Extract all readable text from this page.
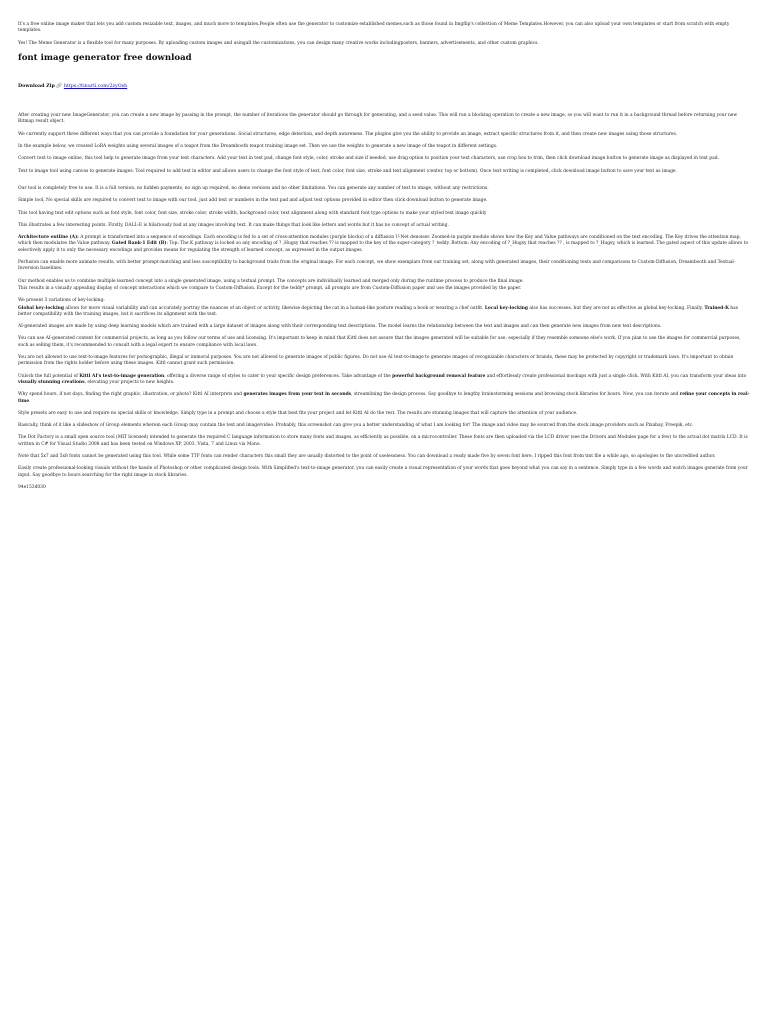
It's a free online image maker that lets you add custom resizable text, images, and much more to templates.People often use the generator to customize established memes,such as those found in Imgflip's collection of Meme Templates.However, you can also upload your own templates or start from scratch with empty templates.

Yes! The Meme Generator is a flexible tool for many purposes. By uploading custom images and usingall the customizations, you can design many creative works includingposters, banners, advertisements, and other custom graphics.

font image generator free download
Download Zip 🔗 https://tinurli.com/2zyOsh

After creating your new ImageGenerator, you can create a new image by passing in the prompt, the number of iterations the generator should go through for generating, and a seed value. This will run a blocking operation to create a new image, so you will want to run it in a background thread before returning your new Bitmap result object.

We currently support three different ways that you can provide a foundation for your generations. Social structures, edge detection, and depth awareness. The plugins give you the ability to provide an image, extract specific structures from it, and then create new images using those structures.

In the example below, we created LoRA weights using several images of a teapot from the Dreambooth teapot training image set. Then we use the weights to generate a new image of the teapot in different settings.

Convert text to image online, this tool help to generate image from your text characters. Add your text in text pad, change font style, color, stroke and size if needed, use drag option to position your text characters, use crop box to trim, then click download image button to generate image as displayed in text pad.

Text to image tool using canvas to generate images. Tool required to add text in editor and allows users to change the font style of text, font color, font size, stroke and text alignment (center, top or bottom). Once text writing is completed, click download image button to save your text as image.

Our tool is completely free to use. It is a full version, no hidden payments, no sign up required, no demo versions and no other limitations. You can generate any number of text to image, without any restrictions.

Simple tool, No special skills are required to convert text to image with our tool, just add text or numbers in the text pad and adjust text options provided in editor then click download button to generate image.

This tool having text edit options such as font style, font color, font size, stroke color, stroke width, background color, text alignment along with standard font type options to make your styled text image quickly

This illustrates a few interesting points. Firstly, DALL-E is hilariously bad at any images involving text. It can make things that look like letters and words but it has no concept of actual writing.

Architecture outline (A): A prompt is transformed into a sequence of encodings. Each encoding is fed to a set of cross-attention modules (purple blocks) of a diffusion U-Net denoiser. Zoomed-in purple module shows how the Key and Value pathways are conditioned on the text encoding. The Key drives the attention map, which then modulates the Value pathway. Gated Rank-1 Edit (B): Top: The K pathway is locked so any encoding of ? ,Hugsy that reaches ?? is mapped to the key of the super-category ?_teddy. Bottom: Any encoding of ?_Hugsy that reaches ?? , is mapped to ?_Hugsy, which is learned. The gated aspect of this update allows to selectively apply it to only the necessary encodings and provides means for regulating the strength of learned concept, as expressed in the output images.

Perfusion can enable more animate results, with better prompt-matching and less susceptibility to background traits from the original image. For each concept, we show exemplars from our training set, along with generated images, their conditioning texts and comparisons to Custom-Diffusion, Dreambooth and Textual-Inversion baselines.

Our method enables us to combine multiple learned concept into a single generated image, using a textual prompt. The concepts are individually learned and merged only during the runtime process to produce the final image.

This results in a visually appealing display of concept interactions which we compare to Custom-Diffusion. Except for the teddy* prompt, all prompts are from Custom-Diffusion paper and use the images provided by the paper.

We present 3 variations of key-locking:

Global key-locking allows for more visual variability and can accurately portray the nuances of an object or activity, likewise depicting the cat in a human-like posture reading a book or wearing a chef outfit. Local key-locking also has successes, but they are not as effective as global key-locking. Finally, Trained-K has better compatibility with the training images, but it sacrifices its alignment with the text.

AI-generated images are made by using deep learning models which are trained with a large dataset of images along with their corresponding text descriptions. The model learns the relationship between the text and images and can then generate new images from new text descriptions.

You can use AI-generated content for commercial projects, as long as you follow our terms of use and licensing. It's important to keep in mind that Kittl does not assure that the images generated will be suitable for use, especially if they resemble someone else's work. If you plan to use the images for commercial purposes, such as selling them, it's recommended to consult with a legal expert to ensure compliance with local laws.

You are not allowed to use text-to-image features for pornographic, illegal or immoral purposes. You are not allowed to generate images of public figures. Do not use AI text-to-image to generate images of recognizable characters or brands, these may be protected by copyright or trademark laws. It's important to obtain permission from the rights holder before using these images. Kittl cannot grant such permission.

Unlock the full potential of Kittl AI's text-to-image generation, offering a diverse range of styles to cater to your specific design preferences. Take advantage of the powerful background removal feature and effortlessly create professional mockups with just a single click. With Kittl AI, you can transform your ideas into visually stunning creations, elevating your projects to new heights.

Why spend hours, if not days, finding the right graphic, illustration, or photo? Kittl AI interprets and generates images from your text in seconds, streamlining the design process. Say goodbye to lengthy brainstorming sessions and browsing stock libraries for hours. Now, you can iterate and refine your concepts in real-time.

Style presets are easy to use and require no special skills or knowledge. Simply type in a prompt and choose a style that best fits your project and let Kittl AI do the rest. The results are stunning images that will capture the attention of your audience.

Basically, think of it like a slideshow of Group elements wherein each Group may contain the text and image/video. Probably, this screenshot can give you a better understanding of what I am looking for! The image and video may be sourced from the stock image providers such as Pixabay, Freepik, etc.

The Dot Factory is a small open source tool (MIT licensed) intended to generate the required C language information to store many fonts and images, as efficiently as possible, on a microcontroller. These fonts are then uploaded via the LCD driver (see the Drivers and Modules page for a few) to the actual dot matrix LCD. It is written in C# for Visual Studio 2008 and has been tested on Windows XP, 2003, Vista, 7 and Linux via Mono.

Note that 5x7 and 5x8 fonts cannot be generated using this tool. While some TTF fonts can render characters this small they are usually distorted to the point of uselessness. You can download a ready made five by seven font here. I ripped this font from tmt file a while ago, so apologies to the uncredited author.

Easily create professional-looking visuals without the hassle of Photoshop or other complicated design tools. With Simplified's text-to-image generator, you can easily create a visual representation of your words that goes beyond what you can say in a sentence. Simply type in a few words and watch images generate from your input. Say goodbye to hours searching for the right image in stock libraries.

94e153d030
